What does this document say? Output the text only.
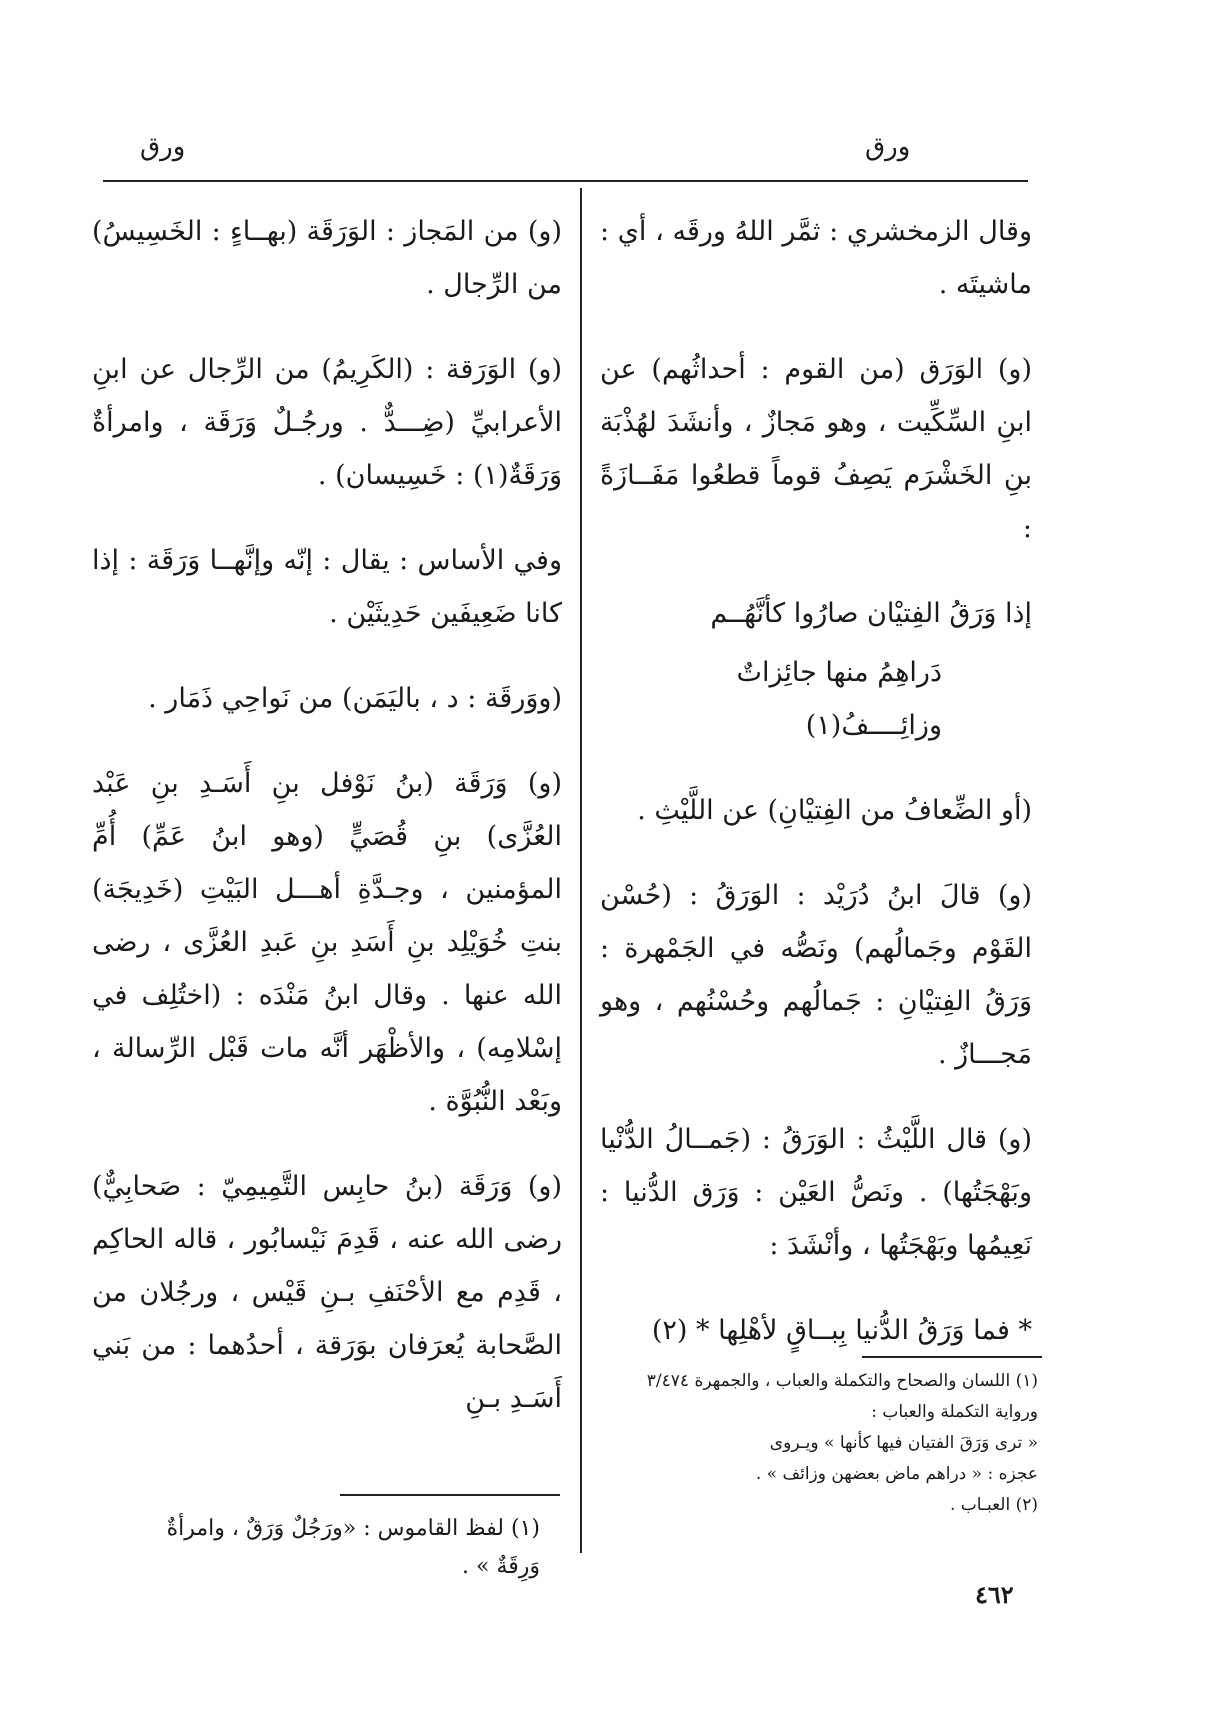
ورق
ورق

وقال الزمخشري : ثمَّر اللهُ ورقَه ، أي : ماشيتَه .

(و) الوَرَق (من القوم : أحداثُهم) عن ابنِ السِّكِّيت ، وهو مَجازٌ ، وأنشَدَ لهُذْبَة بنِ الخَشْرَم يَصِفُ قوماً قطعُوا مَفَــازَةً :

إذا وَرَقُ الفِتيْان صارُوا كأنَّهُــم

دَراهِمُ منها جائِزاتٌ وزائِــــفُ(١)

(أو الضِّعافُ من الفِتيْانِ) عن اللَّيْثِ .

(و) قالَ ابنُ دُرَيْد : الوَرَقُ : (حُسْن القَوْم وجَمالُهم) ونَصُّه في الجَمْهرة : وَرَقُ الفِتيْانِ : جَمالُهم وحُسْنُهم ، وهو مَجـــازٌ .

(و) قال اللَّيْثُ : الوَرَقُ : (جَمــالُ الدُّنْيا وبَهْجَتُها) . ونَصُّ العَيْن : وَرَق الدُّنيا : نَعِيمُها وبَهْجَتُها ، وأنْشَدَ :

* فما وَرَقُ الدُّنيا بِبــاقٍ لأهْلِها * (٢)

(١) اللسان والصحاح والتكملة والعباب ، والجمهرة ٣/٤٧٤
ورواية التكملة والعباب :
« ترى وَرَقَ الفتيان فيها كأنها » ويـروى
عجزه : « دراهم ماض بعضهن وزائف » .
(٢) العبـاب .

(و) من المَجاز : الوَرَقَة (بهــاءٍ : الخَسِيسُ) من الرِّجال .

(و) الوَرَقة : (الكَرِيمُ) من الرِّجال عن ابنِ الأعرابيِّ (ضِـــدٌّ . ورجُـلٌ وَرَقَة ، وامرأةٌ وَرَقَةٌ(١) : خَسِيسان) .

وفي الأساس : يقال : إنّه وإنَّهــا وَرَقَة : إذا كانا ضَعِيفَين حَدِيثَيْن .

(ووَرقَة : د ، باليَمَن) من نَواحِي ذَمَار .

(و) وَرَقَة (بنُ نَوْفل بنِ أَسَـدِ بنِ عَبْد العُزَّى) بنِ قُصَيٍّ (وهو ابنُ عَمِّ) أُمِّ المؤمنين ، وجـدَّةِ أهـــل البَيْتِ (خَدِيجَة) بنتِ خُوَيْلِد بنِ أَسَدِ بنِ عَبدِ العُزَّى ، رضى الله عنها . وقال ابنُ مَنْدَه : (اختُلِف في إسْلامِه) ، والأظْهَر أنَّه مات قَبْل الرِّسالة ، وبَعْد النُّبُوَّة .

(و) وَرَقَة (بنُ حابِس التَّمِيمِيّ : صَحابِيٌّ) رضى الله عنه ، قَدِمَ نَيْسابُور ، قاله الحاكِم ، قَدِم مع الأحْنَفِ بـنِ قَيْس ، ورجُلان من الصَّحابة يُعرَفان بوَرَقة ، أحدُهما : من بَني أَسَـدِ بـنِ

(١) لفظ القاموس : «ورَجُلٌ وَرَقٌ ، وامرأةٌ
وَرِقَةٌ » .
٤٦٢
